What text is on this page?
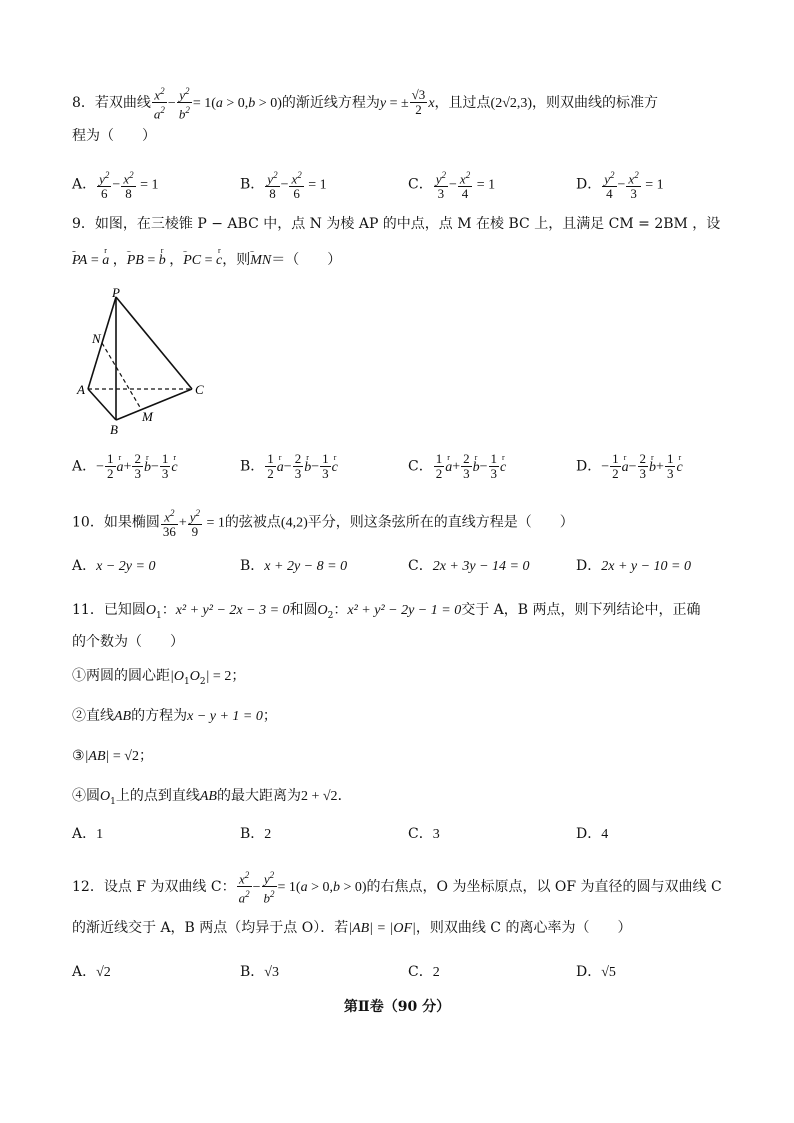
8．若双曲线 $\frac{x^2}{a^2} - \frac{y^2}{b^2} = 1(a > 0,b > 0)$的渐近线方程为y = ± $\frac{√3}{2}$ x，且过点(2√2,3)，则双曲线的标准方
程为（　　）
A． $\frac{y^2}{6} - \frac{x^2}{8} = 1$	B． $\frac{y^2}{8} - \frac{x^2}{6} = 1$	C． $\frac{y^2}{3} - \frac{x^2}{4} = 1$	D． $\frac{y^2}{4} - \frac{x^2}{3} = 1$
9．如图，在三棱锥 P − ABC 中，点 N 为棱 AP 的中点，点 M 在棱 BC 上，且满足 CM = 2BM ，设
ᵕᵕᵕ PA = r a ，ᵕᵕᵕ PB = r b ，ᵕᵕᵕ PC = r c，则ᵕᵕᵕ MN＝（　　）
P
N
A	C
M
B
A．− $\frac{1}{2}$ r $a+ \frac{2}{3}$ r $b- \frac{1}{3}$ r c	B． $\frac{1}{2}$ r $a- \frac{2}{3}$ r $b- \frac{1}{3}$ r c	C． $\frac{1}{2}$ r $a+ \frac{2}{3}$ r $b- \frac{1}{3}$ r c	D．− $\frac{1}{2}$ r $a- \frac{2}{3}$ r $b+ \frac{1}{3}$ r c
10．如果椭圆 $\frac{x^2}{36} + \frac{y^2}{9} = 1$的弦被点(4,2)平分，则这条弦所在的直线方程是（　　）
A．x − 2y = 0	B．x + 2y − 8 = 0	C．2x + 3y − 14 = 0	D．2x + y − 10 = 0
11．已知圆$O_1$：x² + y² − 2x − 3 = 0和圆$O_2$：x² + y² − 2y − 1 = 0交于 A，B 两点，则下列结论中，正确
的个数为（　　）
①两圆的圆心距$|O_1O_2| = 2$；
②直线AB的方程为x − y + 1 = 0；
③|AB| = √2；
④圆$O_1$上的点到直线AB的最大距离为2 + √2．
A．1	B．2	C．3	D．4
12．设点 F 为双曲线 C： $\frac{x^2}{a^2} - \frac{y^2}{b^2} = 1(a > 0,b > 0)$的右焦点，O 为坐标原点，以 OF 为直径的圆与双曲线 C
的渐近线交于 A，B 两点（均异于点 O）．若|AB| = |OF|，则双曲线 C 的离心率为（　　）
A．√2	B．√3	C．2	D．√5
第Ⅱ卷（90 分）
